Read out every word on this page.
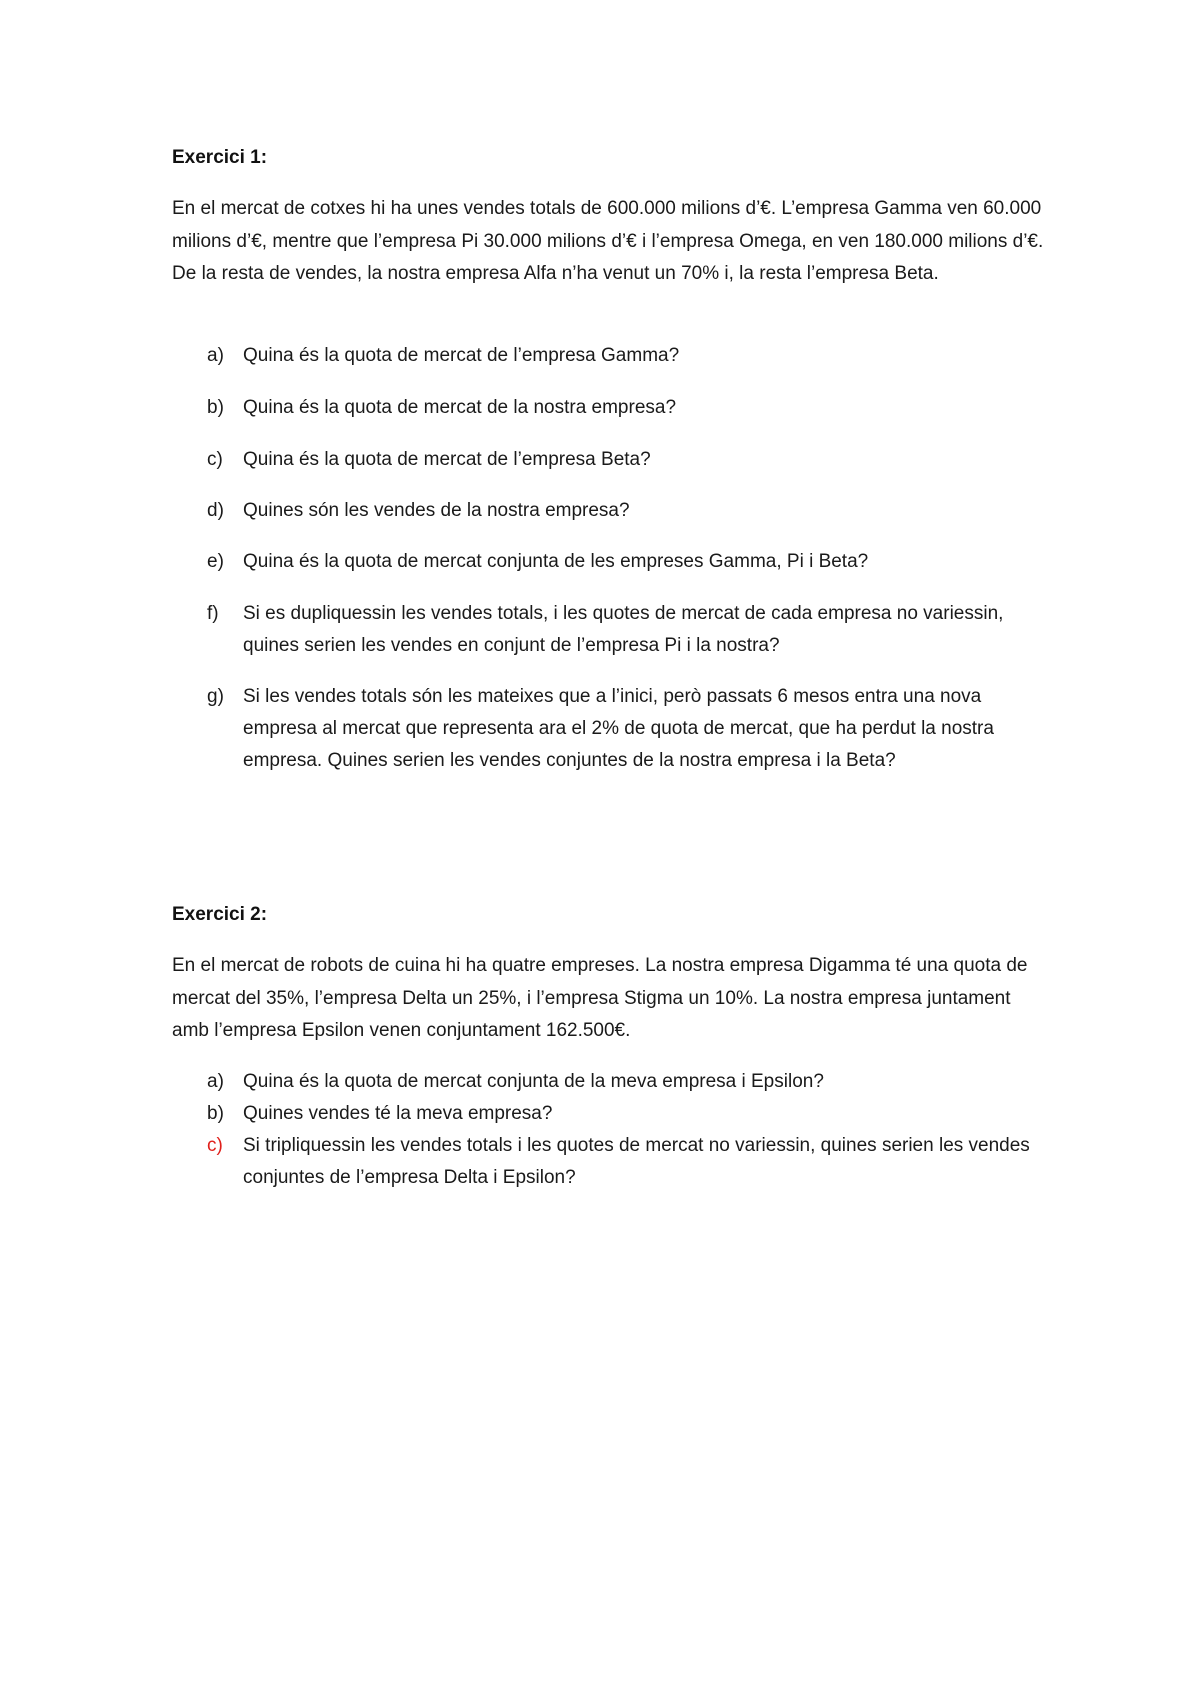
Exercici 1:

En el mercat de cotxes hi ha unes vendes totals de 600.000 milions d’€. L’empresa Gamma ven 60.000 milions d’€, mentre que l’empresa Pi 30.000 milions d’€ i l’empresa Omega, en ven 180.000 milions d’€. De la resta de vendes, la nostra empresa Alfa n’ha venut un 70% i, la resta l’empresa Beta.

a)	Quina és la quota de mercat de l’empresa Gamma?
b)	Quina és la quota de mercat de la nostra empresa?
c)	Quina és la quota de mercat de l’empresa Beta?
d)	Quines són les vendes de la nostra empresa?
e)	Quina és la quota de mercat conjunta de les empreses Gamma, Pi i Beta?
f)	Si es dupliquessin les vendes totals, i les quotes de mercat de cada empresa no variessin, quines serien les vendes en conjunt de l’empresa Pi i la nostra?
g)	Si les vendes totals són les mateixes que a l’inici, però passats 6 mesos entra una nova empresa al mercat que representa ara el 2% de quota de mercat, que ha perdut la nostra empresa. Quines serien les vendes conjuntes de la nostra empresa i la Beta?
Exercici 2:

En el mercat de robots de cuina hi ha quatre empreses. La nostra empresa Digamma té una quota de mercat del 35%, l’empresa Delta un 25%, i l’empresa Stigma un 10%. La nostra empresa juntament amb l’empresa Epsilon venen conjuntament 162.500€.

a)	Quina és la quota de mercat conjunta de la meva empresa i Epsilon?
b)	Quines vendes té la meva empresa?
c)	Si tripliquessin les vendes totals i les quotes de mercat no variessin, quines serien les vendes conjuntes de l’empresa Delta i Epsilon?
